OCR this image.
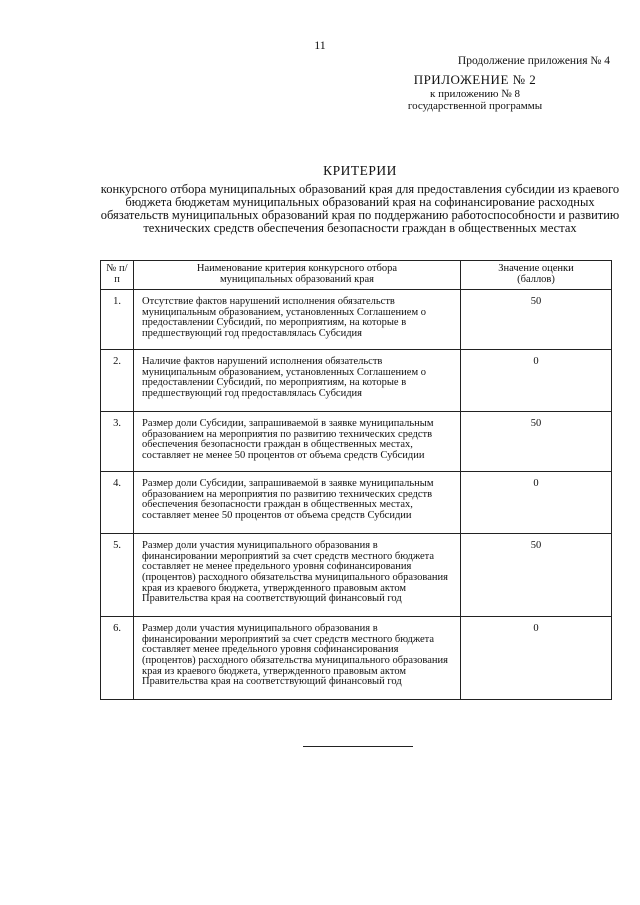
11
Продолжение приложения № 4
ПРИЛОЖЕНИЕ № 2
к приложению № 8
государственной программы
КРИТЕРИИ
конкурсного отбора муниципальных образований края для предоставления субсидии из краевого бюджета бюджетам муниципальных образований края на софинансирование расходных обязательств муниципальных образований края по поддержанию работоспособности и развитию технических средств обеспечения безопасности граждан в общественных местах
№ п/п	Наименование критерия конкурсного отбора муниципальных образований края	Значение оценки (баллов)

1.	Отсутствие фактов нарушений исполнения обязательств муниципальным образованием, установленных Соглашением о предоставлении Субсидий, по мероприятиям, на которые в предшествующий год предоставлялась Субсидия	50
2.	Наличие фактов нарушений исполнения обязательств муниципальным образованием, установленных Соглашением о предоставлении Субсидий, по мероприятиям, на которые в предшествующий год предоставлялась Субсидия	0
3.	Размер доли Субсидии, запрашиваемой в заявке муниципальным образованием на мероприятия по развитию технических средств обеспечения безопасности граждан в общественных местах, составляет не менее 50 процентов от объема средств Субсидии	50
4.	Размер доли Субсидии, запрашиваемой в заявке муниципальным образованием на мероприятия по развитию технических средств обеспечения безопасности граждан в общественных местах, составляет менее 50 процентов от объема средств Субсидии	0
5.	Размер доли участия муниципального образования в финансировании мероприятий за счет средств местного бюджета составляет не менее предельного уровня софинансирования (процентов) расходного обязательства муниципального образования края из краевого бюджета, утвержденного правовым актом Правительства края на соответствующий финансовый год	50
6.	Размер доли участия муниципального образования в финансировании мероприятий за счет средств местного бюджета составляет менее предельного уровня софинансирования (процентов) расходного обязательства муниципального образования края из краевого бюджета, утвержденного правовым актом Правительства края на соответствующий финансовый год	0
